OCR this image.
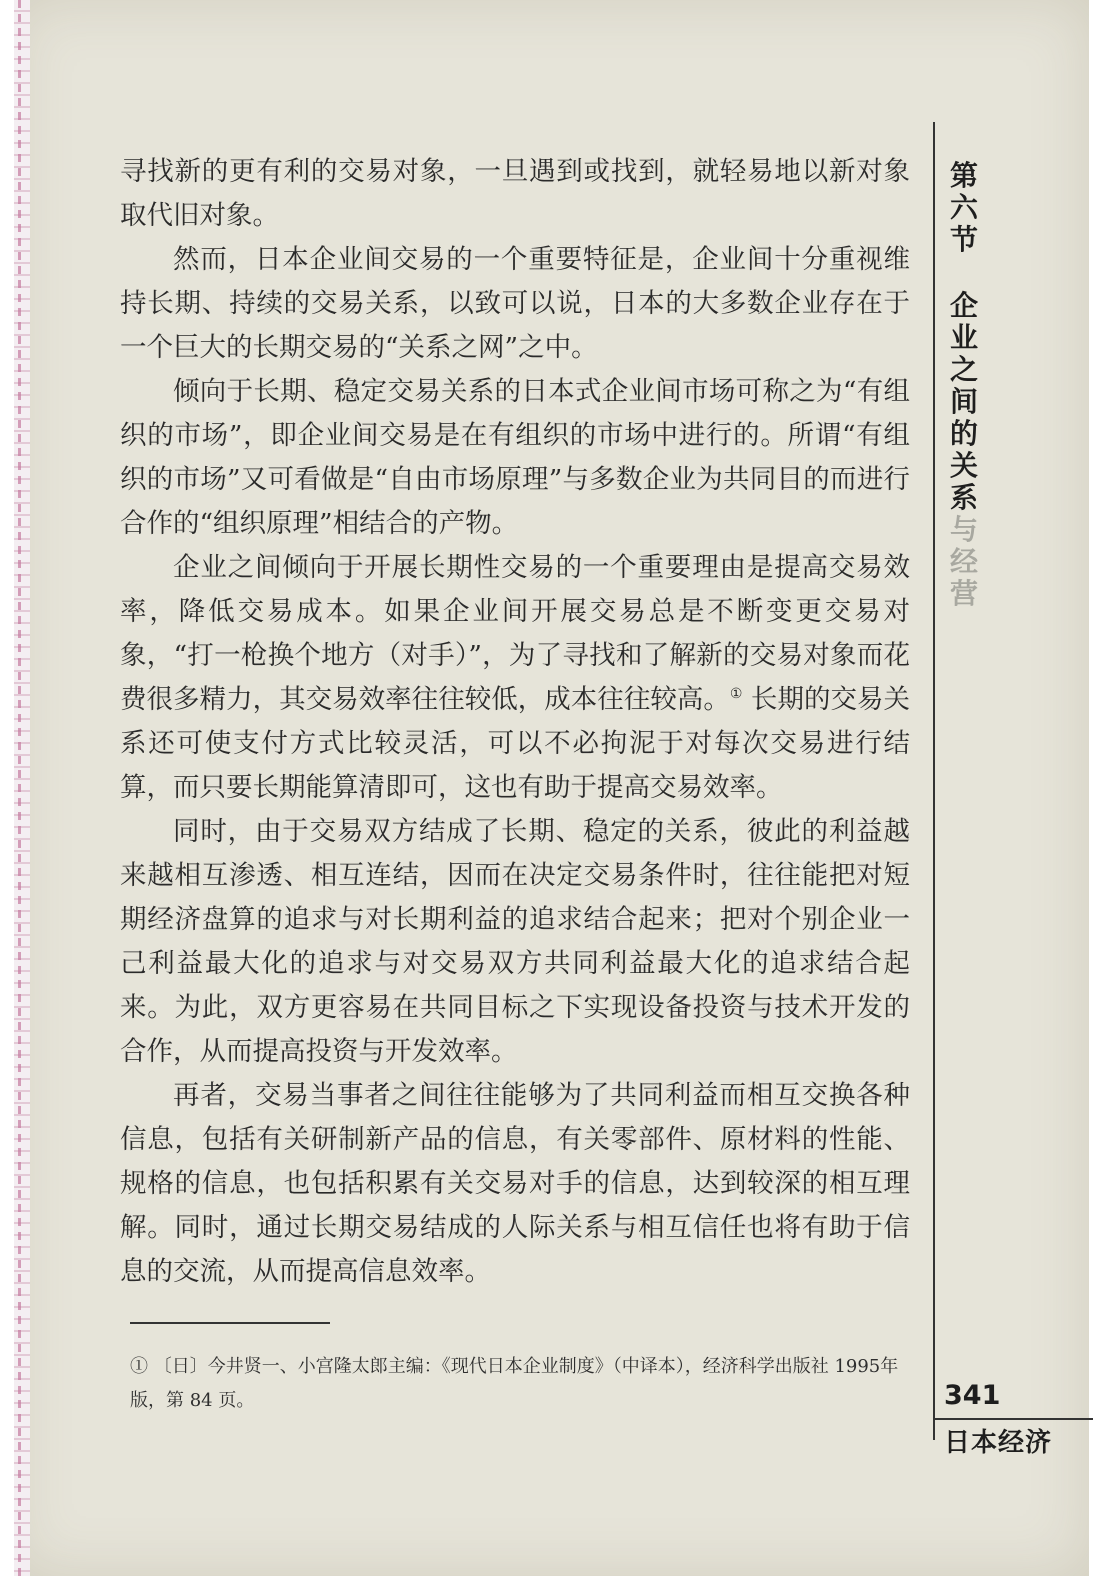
寻找新的更有利的交易对象，一旦遇到或找到，就轻易地以新对象取代旧对象。

然而，日本企业间交易的一个重要特征是，企业间十分重视维持长期、持续的交易关系，以致可以说，日本的大多数企业存在于一个巨大的长期交易的“关系之网”之中。

倾向于长期、稳定交易关系的日本式企业间市场可称之为“有组织的市场”，即企业间交易是在有组织的市场中进行的。所谓“有组织的市场”又可看做是“自由市场原理”与多数企业为共同目的而进行合作的“组织原理”相结合的产物。

企业之间倾向于开展长期性交易的一个重要理由是提高交易效率，降低交易成本。如果企业间开展交易总是不断变更交易对象，“打一枪换个地方（对手）”，为了寻找和了解新的交易对象而花费很多精力，其交易效率往往较低，成本往往较高。① 长期的交易关系还可使支付方式比较灵活，可以不必拘泥于对每次交易进行结算，而只要长期能算清即可，这也有助于提高交易效率。

同时，由于交易双方结成了长期、稳定的关系，彼此的利益越来越相互渗透、相互连结，因而在决定交易条件时，往往能把对短期经济盘算的追求与对长期利益的追求结合起来；把对个别企业一己利益最大化的追求与对交易双方共同利益最大化的追求结合起来。为此，双方更容易在共同目标之下实现设备投资与技术开发的合作，从而提高投资与开发效率。

再者，交易当事者之间往往能够为了共同利益而相互交换各种信息，包括有关研制新产品的信息，有关零部件、原材料的性能、规格的信息，也包括积累有关交易对手的信息，达到较深的相互理解。同时，通过长期交易结成的人际关系与相互信任也将有助于信息的交流，从而提高信息效率。

第六节
企业之间的关系与经营
341
日本经济
① 〔日〕今井贤一、小宫隆太郎主编：《现代日本企业制度》（中译本），经济科学出版社 1995年版，第 84 页。
